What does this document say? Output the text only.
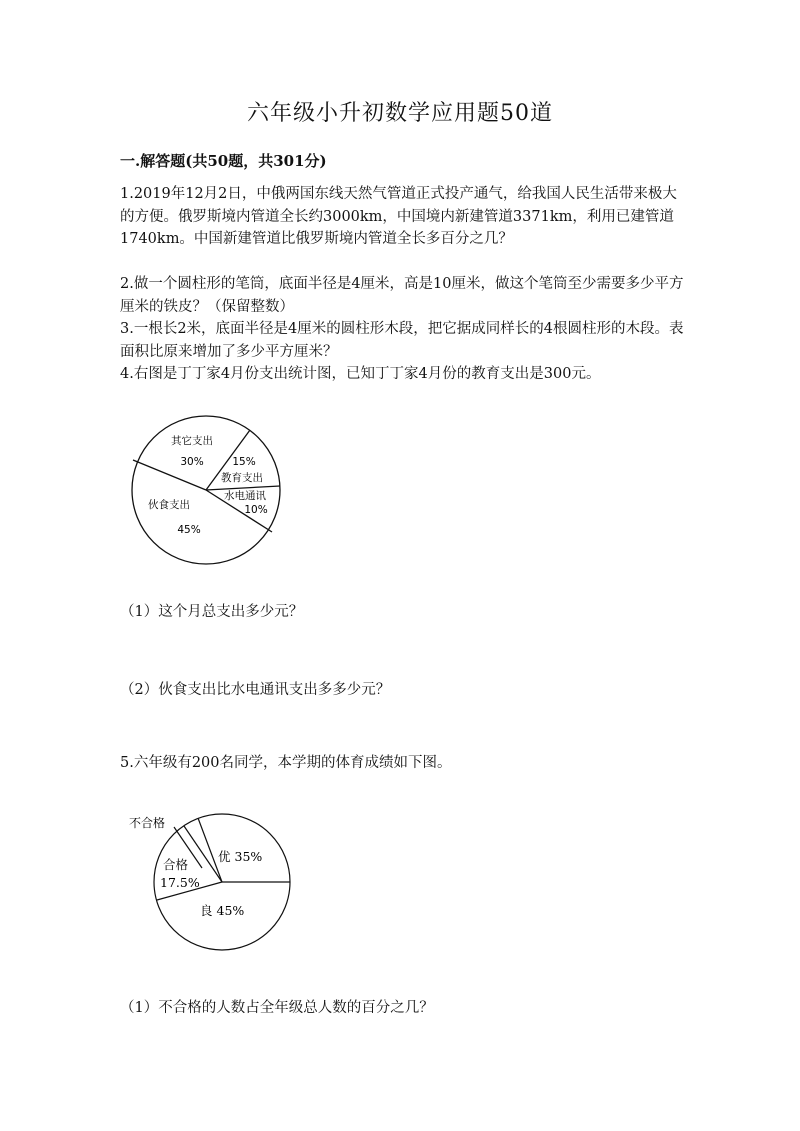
六年级小升初数学应用题50道
一.解答题(共50题，共301分)
1.2019年12月2日，中俄两国东线天然气管道正式投产通气，给我国人民生活带来极大的方便。俄罗斯境内管道全长约3000km，中国境内新建管道3371km，利用已建管道1740km。中国新建管道比俄罗斯境内管道全长多百分之几？
2.做一个圆柱形的笔筒，底面半径是4厘米，高是10厘米，做这个笔筒至少需要多少平方厘米的铁皮？（保留整数）
3.一根长2米，底面半径是4厘米的圆柱形木段，把它据成同样长的4根圆柱形的木段。表面积比原来增加了多少平方厘米？
4.右图是丁丁家4月份支出统计图，已知丁丁家4月份的教育支出是300元。
其它支出
30%	15%
教育支出
水电通讯
10%
伙食支出
45%
（1）这个月总支出多少元？
（2）伙食支出比水电通讯支出多多少元？
5.六年级有200名同学，本学期的体育成绩如下图。
不合格
优 35%
合格
17.5%
良 45%
（1）不合格的人数占全年级总人数的百分之几？
